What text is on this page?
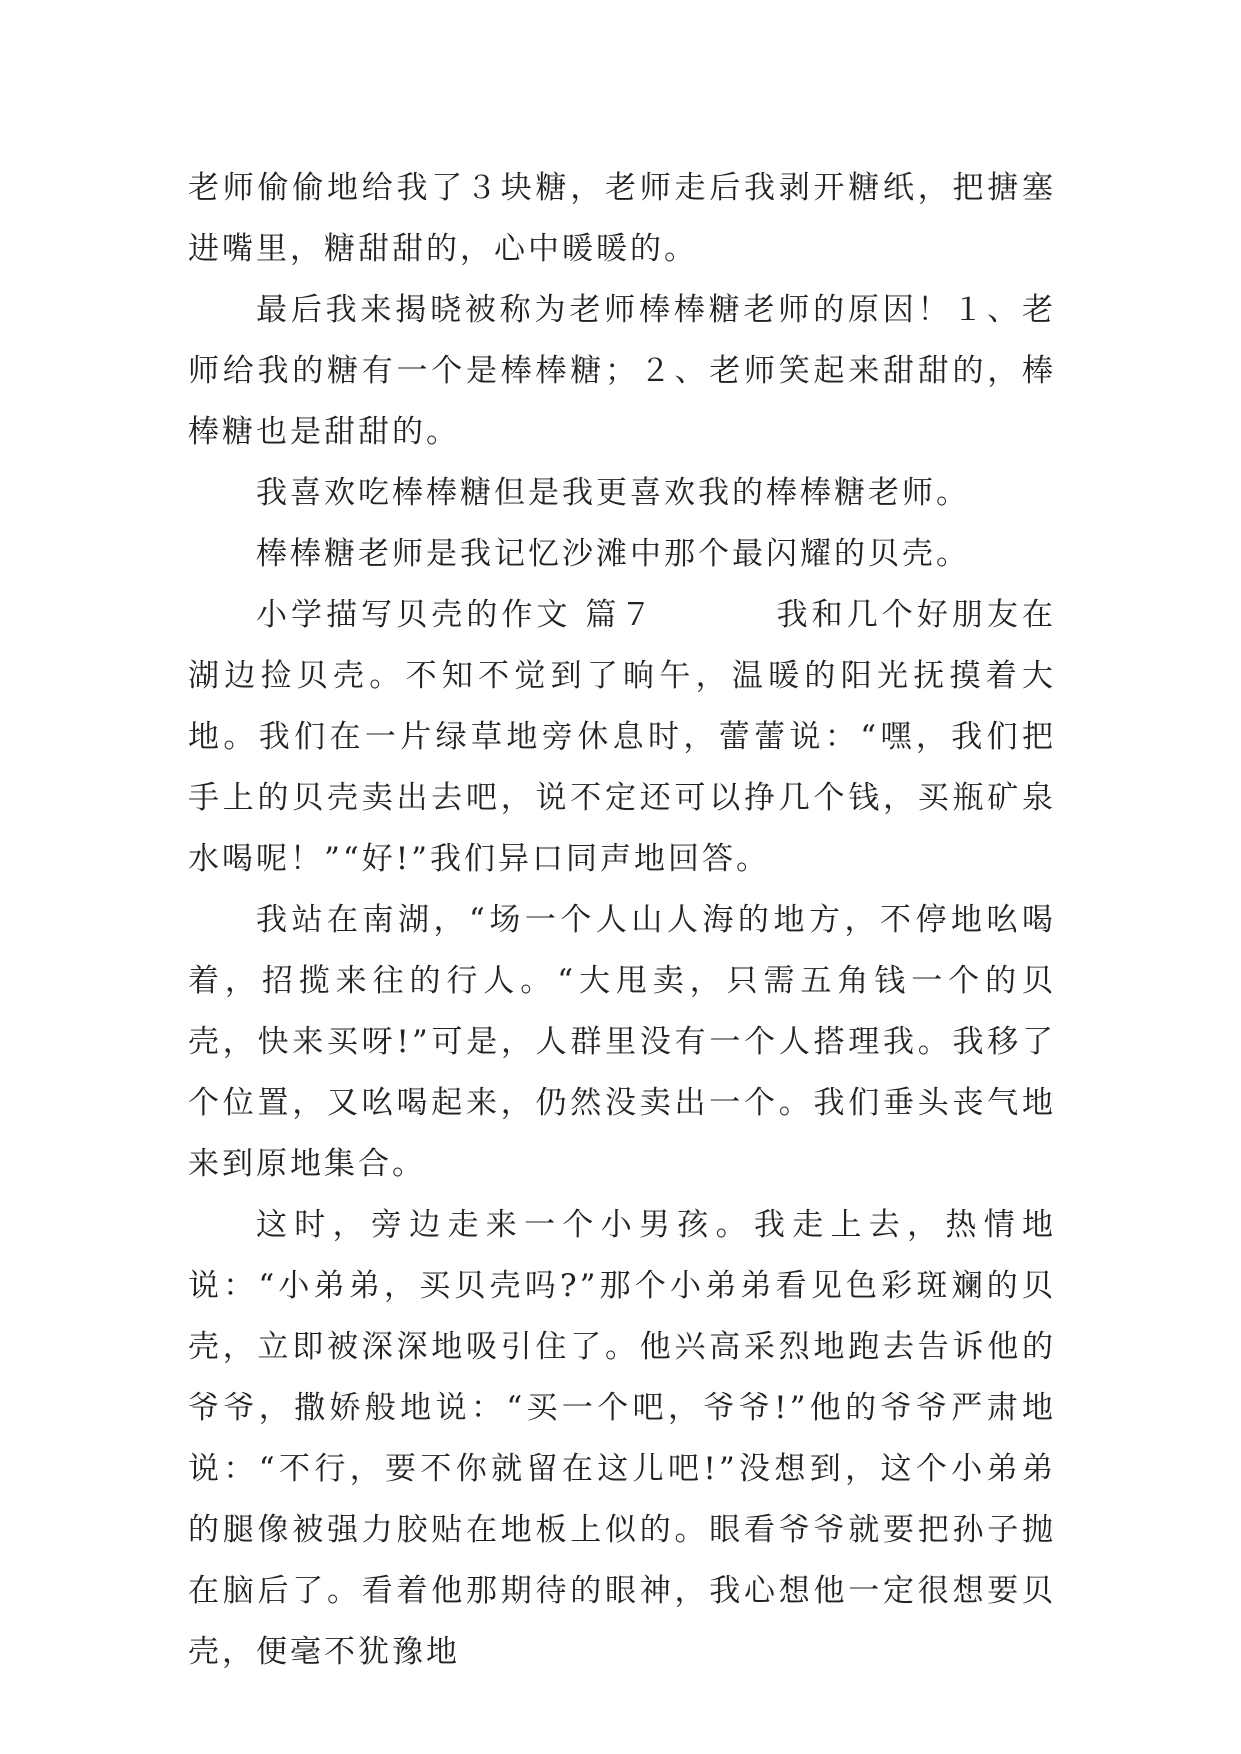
老师偷偷地给我了３块糖，老师走后我剥开糖纸，把搪塞进嘴里，糖甜甜的，心中暖暖的。

最后我来揭晓被称为老师棒棒糖老师的原因！１、老师给我的糖有一个是棒棒糖；２、老师笑起来甜甜的，棒棒糖也是甜甜的。

我喜欢吃棒棒糖但是我更喜欢我的棒棒糖老师。

棒棒糖老师是我记忆沙滩中那个最闪耀的贝壳。

小学描写贝壳的作文 篇７	我和几个好朋友在湖边捡贝壳。不知不觉到了晌午，温暖的阳光抚摸着大地。我们在一片绿草地旁休息时，蕾蕾说：“嘿，我们把手上的贝壳卖出去吧，说不定还可以挣几个钱，买瓶矿泉水喝呢！”“好!”我们异口同声地回答。

我站在南湖，“场一个人山人海的地方，不停地吆喝着，招揽来往的行人。“大甩卖，只需五角钱一个的贝壳，快来买呀!”可是，人群里没有一个人搭理我。我移了个位置，又吆喝起来，仍然没卖出一个。我们垂头丧气地来到原地集合。

这时，旁边走来一个小男孩。我走上去，热情地说：“小弟弟，买贝壳吗?”那个小弟弟看见色彩斑斓的贝壳，立即被深深地吸引住了。他兴高采烈地跑去告诉他的爷爷，撒娇般地说：“买一个吧，爷爷!”他的爷爷严肃地说：“不行，要不你就留在这儿吧!”没想到，这个小弟弟的腿像被强力胶贴在地板上似的。眼看爷爷就要把孙子抛在脑后了。看着他那期待的眼神，我心想他一定很想要贝壳，便毫不犹豫地
